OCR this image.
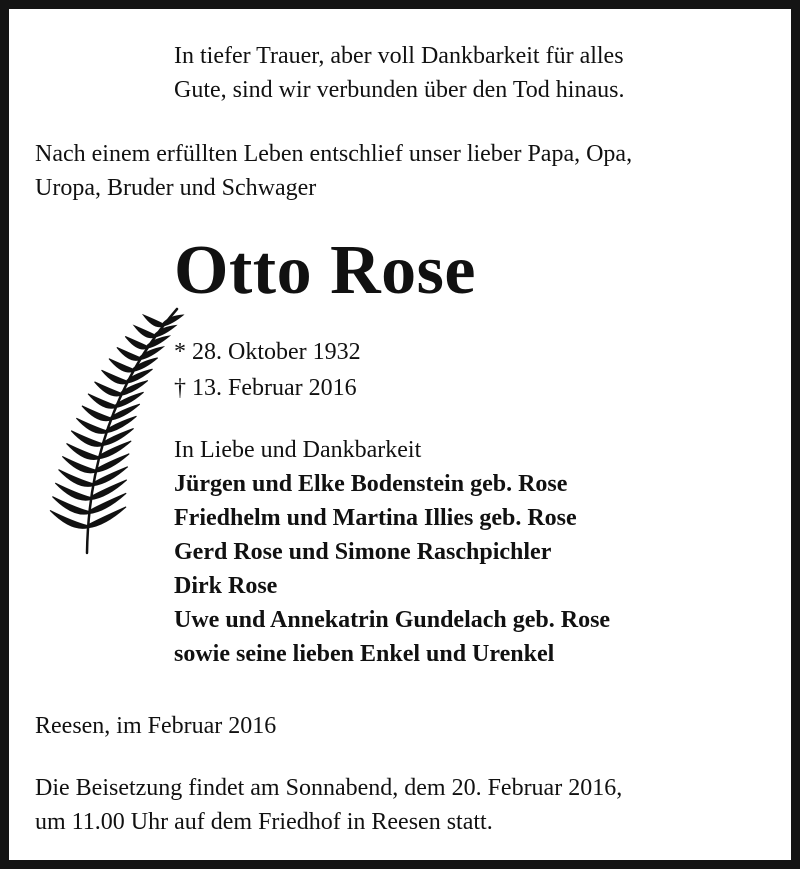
In tiefer Trauer, aber voll Dankbarkeit für alles
Gute, sind wir verbunden über den Tod hinaus.
Nach einem erfüllten Leben entschlief unser lieber Papa, Opa,
Uropa, Bruder und Schwager
Otto Rose
* 28. Oktober 1932
† 13. Februar 2016
In Liebe und Dankbarkeit
Jürgen und Elke Bodenstein geb. Rose
Friedhelm und Martina Illies geb. Rose
Gerd Rose und Simone Raschpichler
Dirk Rose
Uwe und Annekatrin Gundelach geb. Rose
sowie seine lieben Enkel und Urenkel
Reesen, im Februar 2016
Die Beisetzung findet am Sonnabend, dem 20. Februar 2016,
um 11.00 Uhr auf dem Friedhof in Reesen statt.
